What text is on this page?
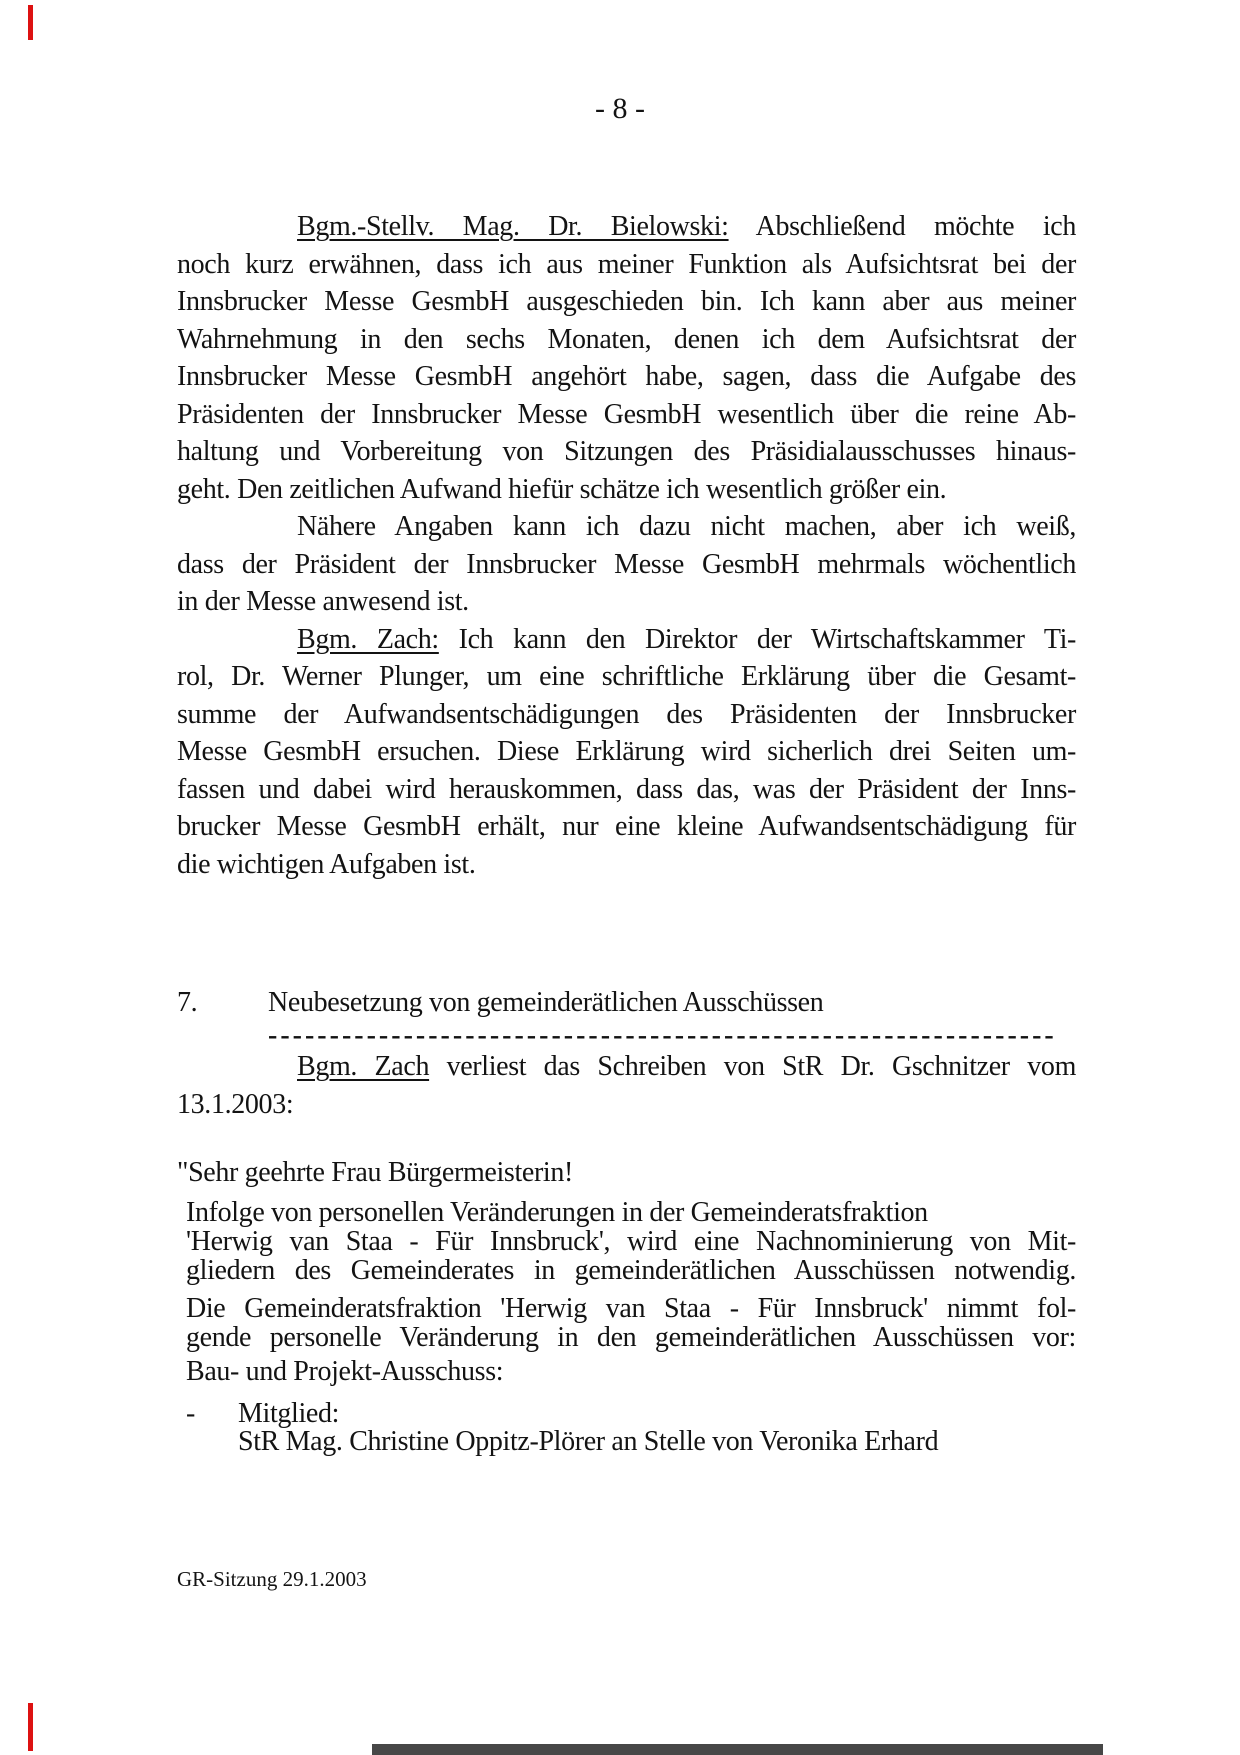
- 8 -
Bgm.-Stellv. Mag. Dr. Bielowski: Abschließend möchte ich
noch kurz erwähnen, dass ich aus meiner Funktion als Aufsichtsrat bei der
Innsbrucker Messe GesmbH ausgeschieden bin. Ich kann aber aus meiner
Wahrnehmung in den sechs Monaten, denen ich dem Aufsichtsrat der
Innsbrucker Messe GesmbH angehört habe, sagen, dass die Aufgabe des
Präsidenten der Innsbrucker Messe GesmbH wesentlich über die reine Ab-
haltung und Vorbereitung von Sitzungen des Präsidialausschusses hinaus-
geht. Den zeitlichen Aufwand hiefür schätze ich wesentlich größer ein.
Nähere Angaben kann ich dazu nicht machen, aber ich weiß,
dass der Präsident der Innsbrucker Messe GesmbH mehrmals wöchentlich
in der Messe anwesend ist.
Bgm. Zach: Ich kann den Direktor der Wirtschaftskammer Ti-
rol, Dr. Werner Plunger, um eine schriftliche Erklärung über die Gesamt-
summe der Aufwandsentschädigungen des Präsidenten der Innsbrucker
Messe GesmbH ersuchen. Diese Erklärung wird sicherlich drei Seiten um-
fassen und dabei wird herauskommen, dass das, was der Präsident der Inns-
brucker Messe GesmbH erhält, nur eine kleine Aufwandsentschädigung für
die wichtigen Aufgaben ist.
7.	Neubesetzung von gemeinderätlichen Ausschüssen
----------------------------------------------------------------
Bgm. Zach verliest das Schreiben von StR Dr. Gschnitzer vom
13.1.2003:
"Sehr geehrte Frau Bürgermeisterin!
Infolge von personellen Veränderungen in der Gemeinderatsfraktion
'Herwig van Staa - Für Innsbruck', wird eine Nachnominierung von Mit-
gliedern des Gemeinderates in gemeinderätlichen Ausschüssen notwendig.
Die Gemeinderatsfraktion 'Herwig van Staa - Für Innsbruck' nimmt fol-
gende personelle Veränderung in den gemeinderätlichen Ausschüssen vor:
Bau- und Projekt-Ausschuss:
- Mitglied:
StR Mag. Christine Oppitz-Plörer an Stelle von Veronika Erhard
GR-Sitzung 29.1.2003
